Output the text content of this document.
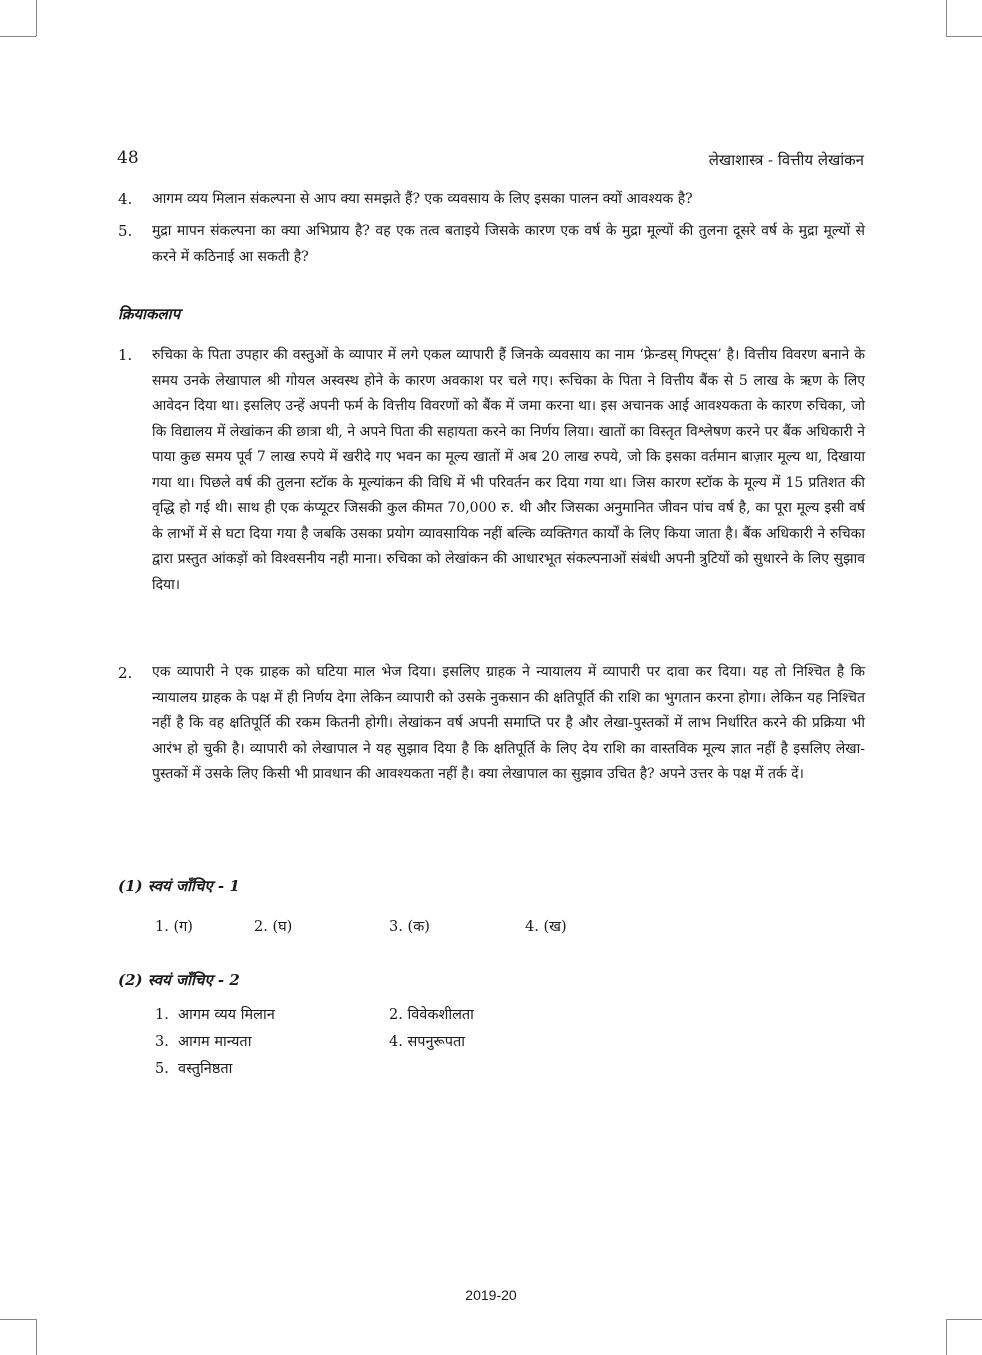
48	लेखाशास्त्र - वित्तीय लेखांकन
4.	आगम व्यय मिलान संकल्पना से आप क्या समझते हैं? एक व्यवसाय के लिए इसका पालन क्यों आवश्यक है?
5.	मुद्रा मापन संकल्पना का क्या अभिप्राय है? वह एक तत्व बताइये जिसके कारण एक वर्ष के मुद्रा मूल्यों की तुलना दूसरे वर्ष के मुद्रा मूल्यों से करने में कठिनाई आ सकती है?
क्रियाकलाप
1.	रुचिका के पिता उपहार की वस्तुओं के व्यापार में लगे एकल व्यापारी हैं जिनके व्यवसाय का नाम ‘फ्रेन्डस् गिफ्ट्स’ है। वित्तीय विवरण बनाने के समय उनके लेखापाल श्री गोयल अस्वस्थ होने के कारण अवकाश पर चले गए। रूचिका के पिता ने वित्तीय बैंक से 5 लाख के ऋण के लिए आवेदन दिया था। इसलिए उन्हें अपनी फर्म के वित्तीय विवरणों को बैंक में जमा करना था। इस अचानक आई आवश्यकता के कारण रुचिका, जो कि विद्यालय में लेखांकन की छात्रा थी, ने अपने पिता की सहायता करने का निर्णय लिया। खातों का विस्तृत विश्लेषण करने पर बैंक अधिकारी ने पाया कुछ समय पूर्व 7 लाख रुपये में खरीदे गए भवन का मूल्य खातों में अब 20 लाख रुपये, जो कि इसका वर्तमान बाज़ार मूल्य था, दिखाया गया था। पिछले वर्ष की तुलना स्टॉक के मूल्यांकन की विधि में भी परिवर्तन कर दिया गया था। जिस कारण स्टॉक के मूल्य में 15 प्रतिशत की वृद्धि हो गई थी। साथ ही एक कंप्यूटर जिसकी कुल कीमत 70,000 रु. थी और जिसका अनुमानित जीवन पांच वर्ष है, का पूरा मूल्य इसी वर्ष के लाभों में से घटा दिया गया है जबकि उसका प्रयोग व्यावसायिक नहीं बल्कि व्यक्तिगत कार्यों के लिए किया जाता है। बैंक अधिकारी ने रुचिका द्वारा प्रस्तुत आंकड़ों को विश्वसनीय नही माना। रुचिका को लेखांकन की आधारभूत संकल्पनाओं संबंधी अपनी त्रुटियों को सुधारने के लिए सुझाव दिया।
2.	एक व्यापारी ने एक ग्राहक को घटिया माल भेज दिया। इसलिए ग्राहक ने न्यायालय में व्यापारी पर दावा कर दिया। यह तो निश्चित है कि न्यायालय ग्राहक के पक्ष में ही निर्णय देगा लेकिन व्यापारी को उसके नुकसान की क्षतिपूर्ति की राशि का भुगतान करना होगा। लेकिन यह निश्चित नहीं है कि वह क्षतिपूर्ति की रकम कितनी होगी। लेखांकन वर्ष अपनी समाप्ति पर है और लेखा-पुस्तकों में लाभ निर्धारित करने की प्रक्रिया भी आरंभ हो चुकी है। व्यापारी को लेखापाल ने यह सुझाव दिया है कि क्षतिपूर्ति के लिए देय राशि का वास्तविक मूल्य ज्ञात नहीं है इसलिए लेखा-पुस्तकों में उसके लिए किसी भी प्रावधान की आवश्यकता नहीं है। क्या लेखापाल का सुझाव उचित है? अपने उत्तर के पक्ष में तर्क दें।
(1) स्वयं जाँचिए - 1
1. (ग)	2. (घ)	3. (क)	4. (ख)
(2) स्वयं जाँचिए - 2
1.  आगम व्यय मिलान	2. विवेकशीलता
3.  आगम मान्यता	4. सपनुरूपता
5.  वस्तुनिष्ठता
2019-20
